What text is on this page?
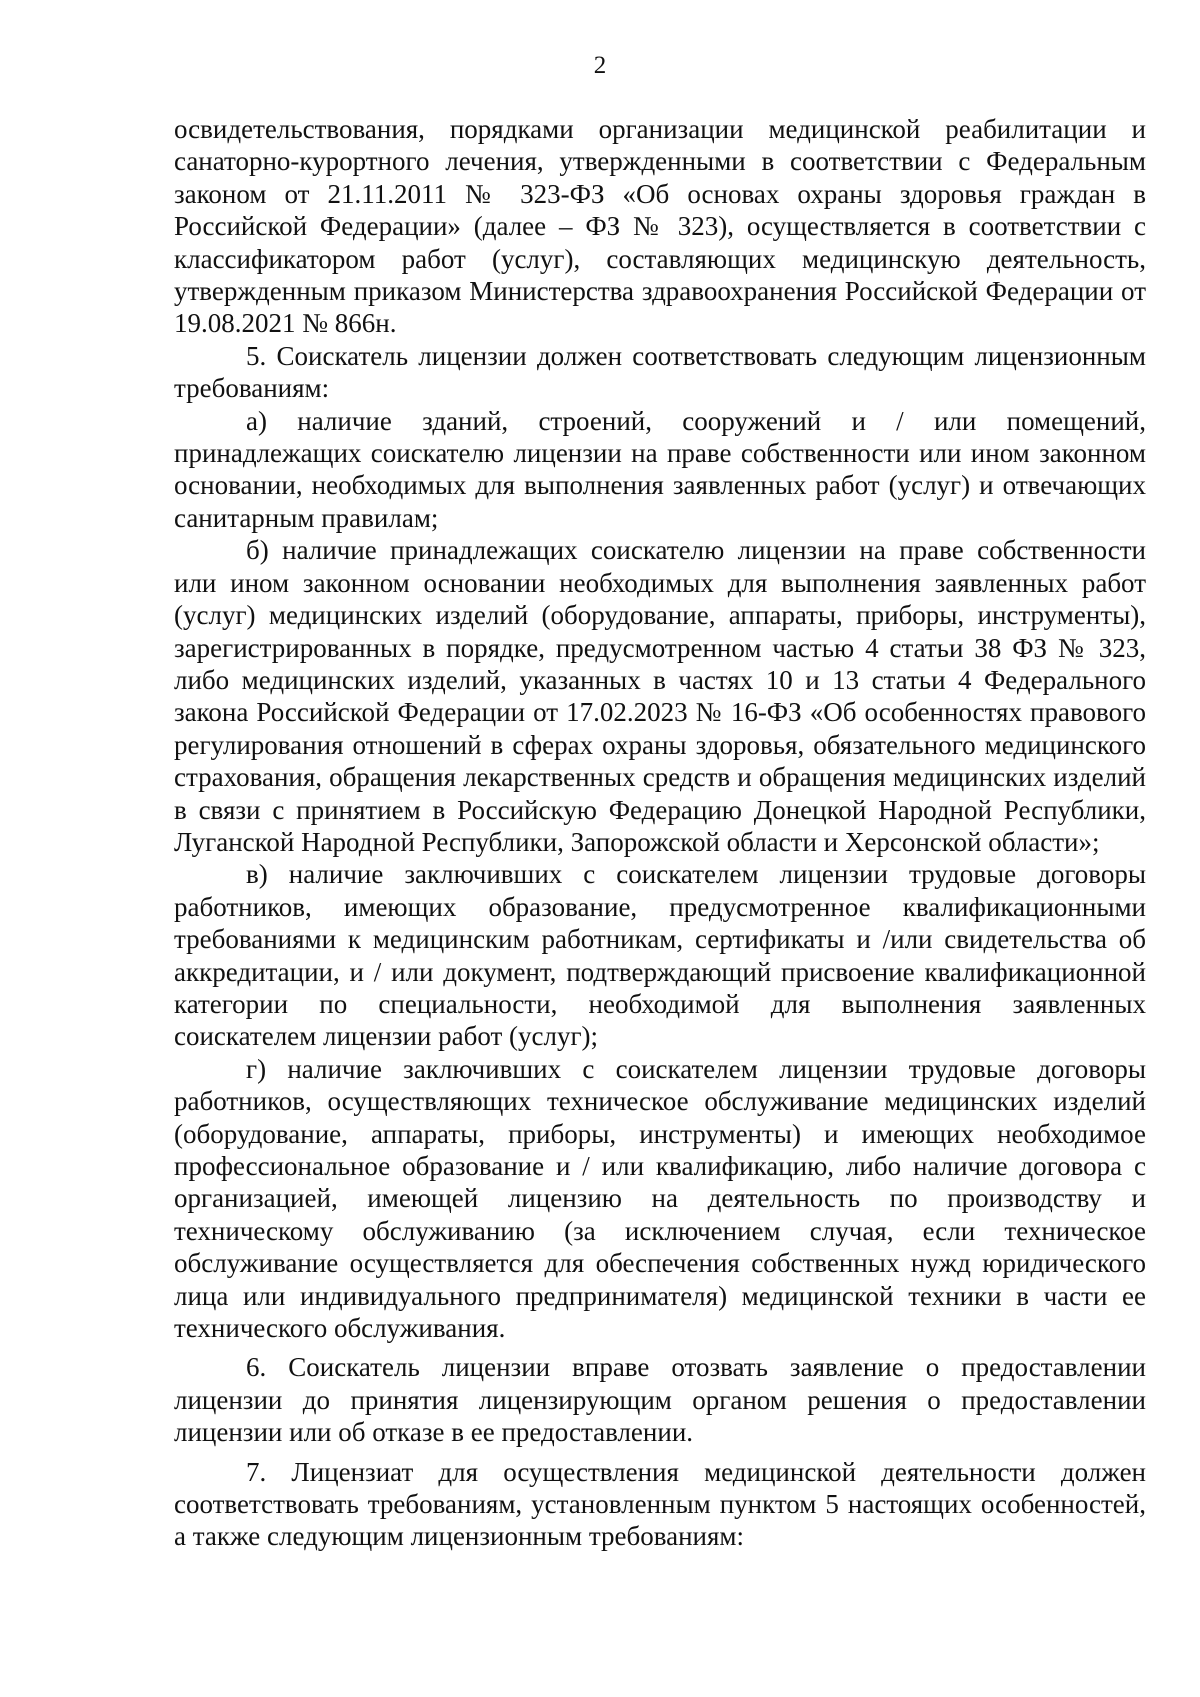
2

освидетельствования, порядками организации медицинской реабилитации и санаторно-курортного лечения, утвержденными в соответствии с Федеральным законом от 21.11.2011 № 323-ФЗ «Об основах охраны здоровья граждан в Российской Федерации» (далее – ФЗ № 323), осуществляется в соответствии с классификатором работ (услуг), составляющих медицинскую деятельность, утвержденным приказом Министерства здравоохранения Российской Федерации от 19.08.2021 № 866н.

5. Соискатель лицензии должен соответствовать следующим лицензионным требованиям:

а) наличие зданий, строений, сооружений и / или помещений, принадлежащих соискателю лицензии на праве собственности или ином законном основании, необходимых для выполнения заявленных работ (услуг) и отвечающих санитарным правилам;

б) наличие принадлежащих соискателю лицензии на праве собственности или ином законном основании необходимых для выполнения заявленных работ (услуг) медицинских изделий (оборудование, аппараты, приборы, инструменты), зарегистрированных в порядке, предусмотренном частью 4 статьи 38 ФЗ № 323, либо медицинских изделий, указанных в частях 10 и 13 статьи 4 Федерального закона Российской Федерации от 17.02.2023 № 16-ФЗ «Об особенностях правового регулирования отношений в сферах охраны здоровья, обязательного медицинского страхования, обращения лекарственных средств и обращения медицинских изделий в связи с принятием в Российскую Федерацию Донецкой Народной Республики, Луганской Народной Республики, Запорожской области и Херсонской области»;

в) наличие заключивших с соискателем лицензии трудовые договоры работников, имеющих образование, предусмотренное квалификационными требованиями к медицинским работникам, сертификаты и /или свидетельства об аккредитации, и / или документ, подтверждающий присвоение квалификационной категории по специальности, необходимой для выполнения заявленных соискателем лицензии работ (услуг);

г) наличие заключивших с соискателем лицензии трудовые договоры работников, осуществляющих техническое обслуживание медицинских изделий (оборудование, аппараты, приборы, инструменты) и имеющих необходимое профессиональное образование и / или квалификацию, либо наличие договора с организацией, имеющей лицензию на деятельность по производству и техническому обслуживанию (за исключением случая, если техническое обслуживание осуществляется для обеспечения собственных нужд юридического лица или индивидуального предпринимателя) медицинской техники в части ее технического обслуживания.

6. Соискатель лицензии вправе отозвать заявление о предоставлении лицензии до принятия лицензирующим органом решения о предоставлении лицензии или об отказе в ее предоставлении.

7. Лицензиат для осуществления медицинской деятельности должен соответствовать требованиям, установленным пунктом 5 настоящих особенностей, а также следующим лицензионным требованиям:
